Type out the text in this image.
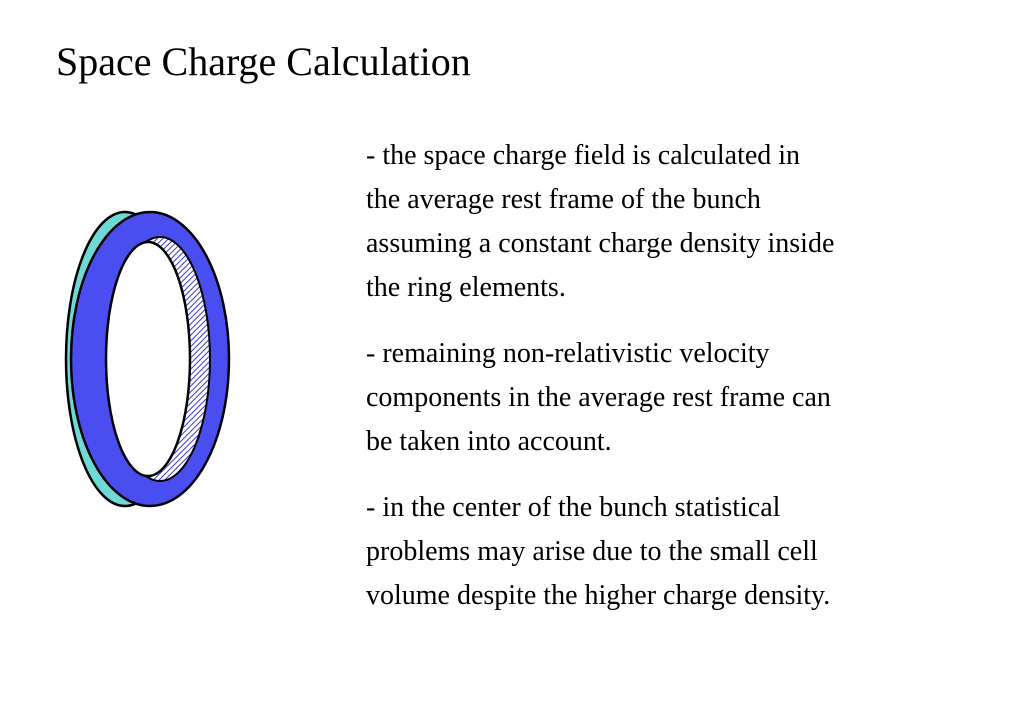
Space Charge Calculation
- the space charge field is calculated in
the average rest frame of the bunch
assuming a constant charge density inside
the ring elements.
- remaining non-relativistic velocity
components in the average rest frame can
be taken into account.
- in the center of the bunch statistical
problems may arise due to the small cell
volume despite the higher charge density.
